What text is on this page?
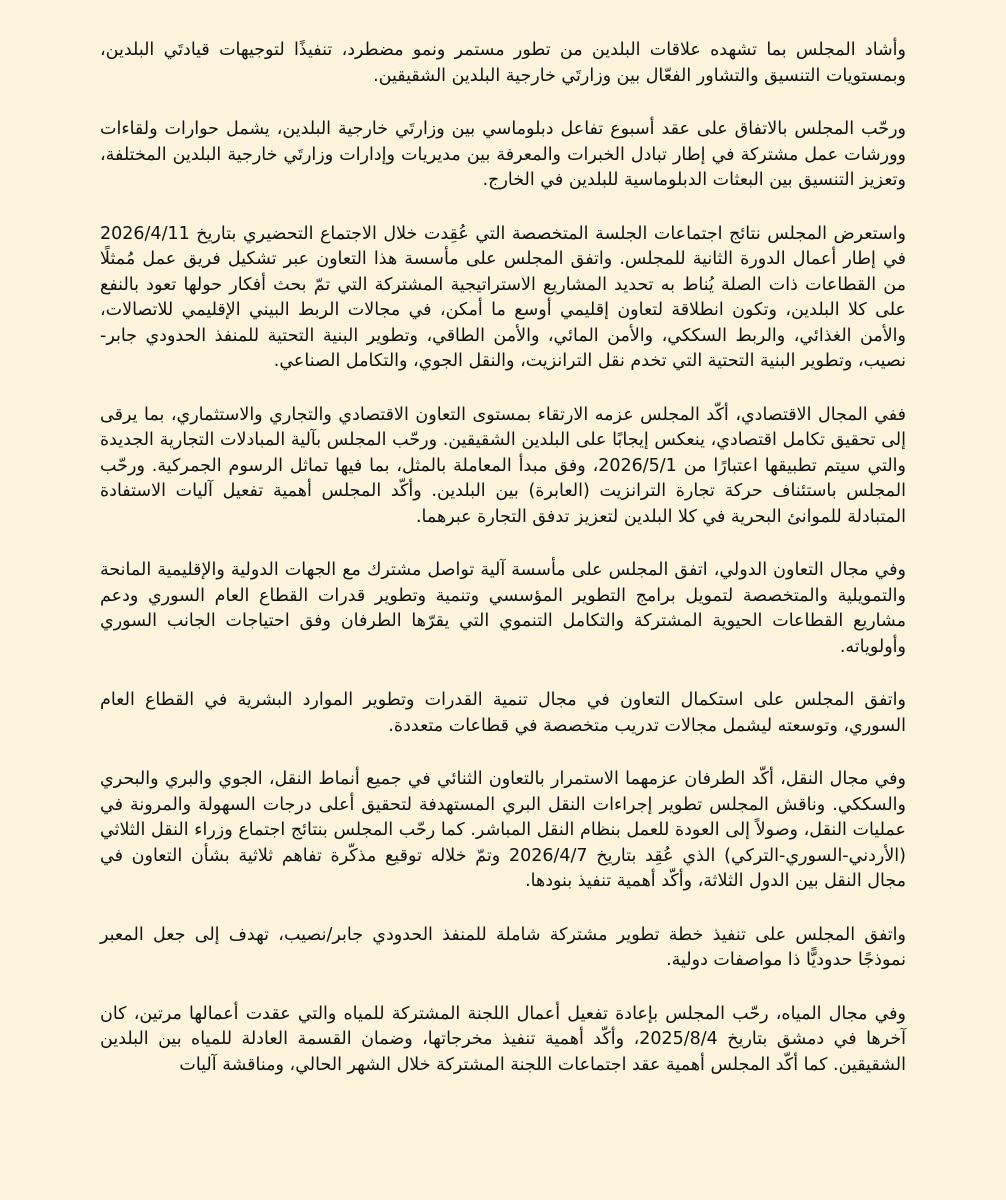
وأشاد المجلس بما تشهده علاقات البلدين من تطور مستمر ونمو مضطرد، تنفيذًا لتوجيهات قيادتَي البلدين، وبمستويات التنسيق والتشاور الفعّال بين وزارتَي خارجية البلدين الشقيقين.

ورحّب المجلس بالاتفاق على عقد أسبوع تفاعل دبلوماسي بين وزارتَي خارجية البلدين، يشمل حوارات ولقاءات وورشات عمل مشتركة في إطار تبادل الخبرات والمعرفة بين مديريات وإدارات وزارتَي خارجية البلدين المختلفة، وتعزيز التنسيق بين البعثات الدبلوماسية للبلدين في الخارج.

واستعرض المجلس نتائج اجتماعات الجلسة المتخصصة التي عُقِدت خلال الاجتماع التحضيري بتاريخ 2026/4/11 في إطار أعمال الدورة الثانية للمجلس. واتفق المجلس على مأسسة هذا التعاون عبر تشكيل فريق عمل مُمثلًا من القطاعات ذات الصلة يُناط به تحديد المشاريع الاستراتيجية المشتركة التي تمّ بحث أفكار حولها تعود بالنفع على كلا البلدين، وتكون انطلاقة لتعاون إقليمي أوسع ما أمكن، في مجالات الربط البيني الإقليمي للاتصالات، والأمن الغذائي، والربط السككي، والأمن المائي، والأمن الطاقي، وتطوير البنية التحتية للمنفذ الحدودي جابر-نصيب، وتطوير البنية التحتية التي تخدم نقل الترانزيت، والنقل الجوي، والتكامل الصناعي.

ففي المجال الاقتصادي، أكّد المجلس عزمه الارتقاء بمستوى التعاون الاقتصادي والتجاري والاستثماري، بما يرقى إلى تحقيق تكامل اقتصادي، ينعكس إيجابًا على البلدين الشقيقين. ورحّب المجلس بآلية المبادلات التجارية الجديدة والتي سيتم تطبيقها اعتبارًا من 2026/5/1، وفق مبدأ المعاملة بالمثل، بما فيها تماثل الرسوم الجمركية. ورحّب المجلس باستئناف حركة تجارة الترانزيت (العابرة) بين البلدين. وأكّد المجلس أهمية تفعيل آليات الاستفادة المتبادلة للموانئ البحرية في كلا البلدين لتعزيز تدفق التجارة عبرهما.

وفي مجال التعاون الدولي، اتفق المجلس على مأسسة آلية تواصل مشترك مع الجهات الدولية والإقليمية المانحة والتمويلية والمتخصصة لتمويل برامج التطوير المؤسسي وتنمية وتطوير قدرات القطاع العام السوري ودعم مشاريع القطاعات الحيوية المشتركة والتكامل التنموي التي يقرّها الطرفان وفق احتياجات الجانب السوري وأولوياته.

واتفق المجلس على استكمال التعاون في مجال تنمية القدرات وتطوير الموارد البشرية في القطاع العام السوري، وتوسعته ليشمل مجالات تدريب متخصصة في قطاعات متعددة.

وفي مجال النقل، أكّد الطرفان عزمهما الاستمرار بالتعاون الثنائي في جميع أنماط النقل، الجوي والبري والبحري والسككي. وناقش المجلس تطوير إجراءات النقل البري المستهدفة لتحقيق أعلى درجات السهولة والمرونة في عمليات النقل، وصولاً إلى العودة للعمل بنظام النقل المباشر. كما رحّب المجلس بنتائج اجتماع وزراء النقل الثلاثي (الأردني-السوري-التركي) الذي عُقِد بتاريخ 2026/4/7 وتمّ خلاله توقيع مذكّرة تفاهم ثلاثية بشأن التعاون في مجال النقل بين الدول الثلاثة، وأكّد أهمية تنفيذ بنودها.

واتفق المجلس على تنفيذ خطة تطوير مشتركة شاملة للمنفذ الحدودي جابر/نصيب، تهدف إلى جعل المعبر نموذجًا حدوديًّا ذا مواصفات دولية.

وفي مجال المياه، رحّب المجلس بإعادة تفعيل أعمال اللجنة المشتركة للمياه والتي عقدت أعمالها مرتين، كان آخرها في دمشق بتاريخ 2025/8/4، وأكّد أهمية تنفيذ مخرجاتها، وضمان القسمة العادلة للمياه بين البلدين الشقيقين. كما أكّد المجلس أهمية عقد اجتماعات اللجنة المشتركة خلال الشهر الحالي، ومناقشة آليات
